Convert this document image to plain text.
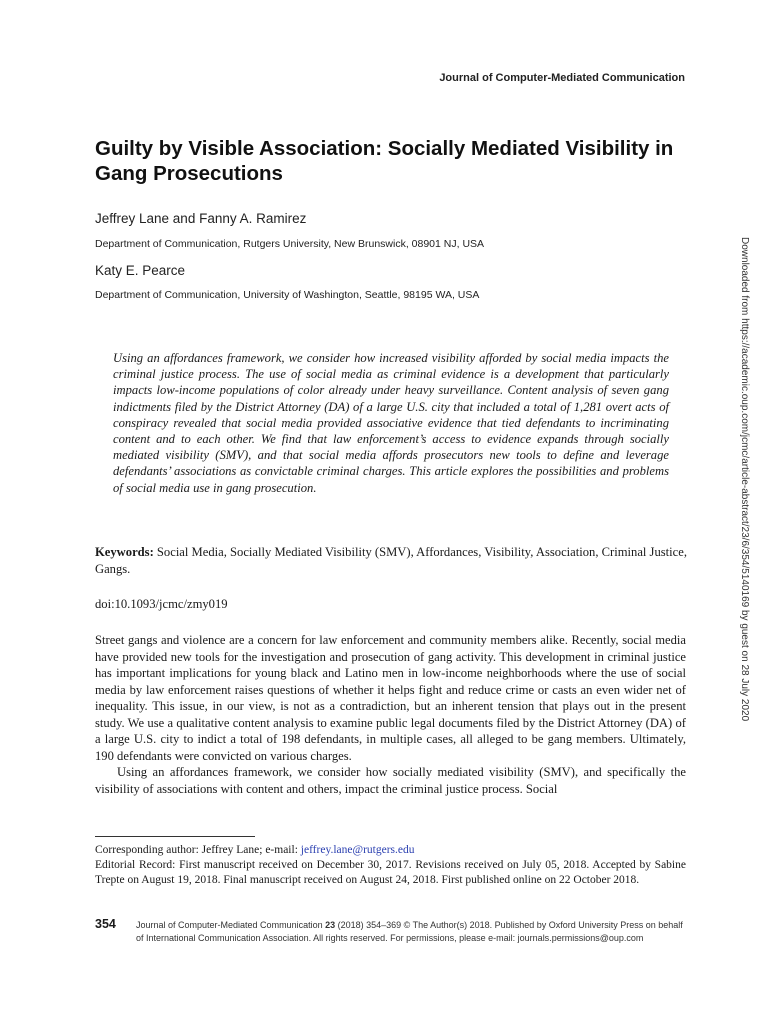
Journal of Computer-Mediated Communication
Guilty by Visible Association: Socially Mediated Visibility in Gang Prosecutions
Jeffrey Lane and Fanny A. Ramirez
Department of Communication, Rutgers University, New Brunswick, 08901 NJ, USA
Katy E. Pearce
Department of Communication, University of Washington, Seattle, 98195 WA, USA

Using an affordances framework, we consider how increased visibility afforded by social media impacts the criminal justice process. The use of social media as criminal evidence is a development that particularly impacts low-income populations of color already under heavy surveillance. Content analysis of seven gang indictments filed by the District Attorney (DA) of a large U.S. city that included a total of 1,281 overt acts of conspiracy revealed that social media provided associative evidence that tied defendants to incriminating content and to each other. We find that law enforcement’s access to evidence expands through socially mediated visibility (SMV), and that social media affords prosecutors new tools to define and leverage defendants’ associations as convictable criminal charges. This article explores the possibilities and problems of social media use in gang prosecution.

Keywords: Social Media, Socially Mediated Visibility (SMV), Affordances, Visibility, Association, Criminal Justice, Gangs.

doi:10.1093/jcmc/zmy019

Street gangs and violence are a concern for law enforcement and community members alike. Recently, social media have provided new tools for the investigation and prosecution of gang activity. This development in criminal justice has important implications for young black and Latino men in low-income neighborhoods where the use of social media by law enforcement raises questions of whether it helps fight and reduce crime or casts an even wider net of inequality. This issue, in our view, is not as a contradiction, but an inherent tension that plays out in the present study. We use a qualitative content analysis to examine public legal documents filed by the District Attorney (DA) of a large U.S. city to indict a total of 198 defendants, in multiple cases, all alleged to be gang members. Ultimately, 190 defendants were convicted on various charges.

Using an affordances framework, we consider how socially mediated visibility (SMV), and specifically the visibility of associations with content and others, impact the criminal justice process. Social

Corresponding author: Jeffrey Lane; e-mail: jeffrey.lane@rutgers.edu

Editorial Record: First manuscript received on December 30, 2017. Revisions received on July 05, 2018. Accepted by Sabine Trepte on August 19, 2018. Final manuscript received on August 24, 2018. First published online on 22 October 2018.

354 Journal of Computer-Mediated Communication 23 (2018) 354–369 © The Author(s) 2018. Published by Oxford University Press on behalf of International Communication Association. All rights reserved. For permissions, please e-mail: journals.permissions@oup.com

Downloaded from https://academic.oup.com/jcmc/article-abstract/23/6/354/5140169 by guest on 28 July 2020
